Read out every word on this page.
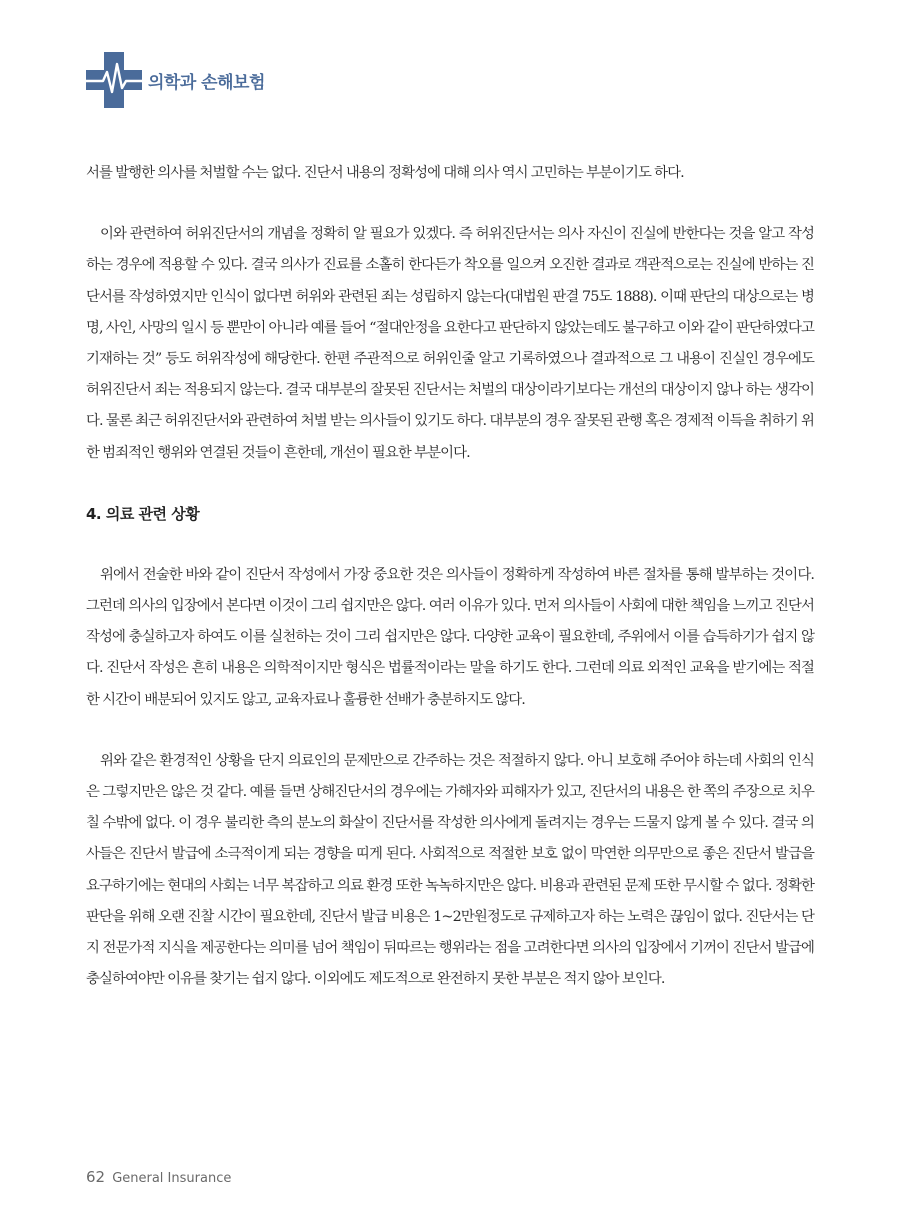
의학과 손해보험

서를 발행한 의사를 처벌할 수는 없다. 진단서 내용의 정확성에 대해 의사 역시 고민하는 부분이기도 하다.

이와 관련하여 허위진단서의 개념을 정확히 알 필요가 있겠다. 즉 허위진단서는 의사 자신이 진실에 반한다는 것을 알고 작성하는 경우에 적용할 수 있다. 결국 의사가 진료를 소홀히 한다든가 착오를 일으켜 오진한 결과로 객관적으로는 진실에 반하는 진단서를 작성하였지만 인식이 없다면 허위와 관련된 죄는 성립하지 않는다(대법원 판결 75도 1888). 이때 판단의 대상으로는 병명, 사인, 사망의 일시 등 뿐만이 아니라 예를 들어 “절대안정을 요한다고 판단하지 않았는데도 불구하고 이와 같이 판단하였다고 기재하는 것” 등도 허위작성에 해당한다. 한편 주관적으로 허위인줄 알고 기록하였으나 결과적으로 그 내용이 진실인 경우에도 허위진단서 죄는 적용되지 않는다. 결국 대부분의 잘못된 진단서는 처벌의 대상이라기보다는 개선의 대상이지 않나 하는 생각이다. 물론 최근 허위진단서와 관련하여 처벌 받는 의사들이 있기도 하다. 대부분의 경우 잘못된 관행 혹은 경제적 이득을 취하기 위한 범죄적인 행위와 연결된 것들이 흔한데, 개선이 필요한 부분이다.

4. 의료 관련 상황

위에서 전술한 바와 같이 진단서 작성에서 가장 중요한 것은 의사들이 정확하게 작성하여 바른 절차를 통해 발부하는 것이다. 그런데 의사의 입장에서 본다면 이것이 그리 쉽지만은 않다. 여러 이유가 있다. 먼저 의사들이 사회에 대한 책임을 느끼고 진단서 작성에 충실하고자 하여도 이를 실천하는 것이 그리 쉽지만은 않다. 다양한 교육이 필요한데, 주위에서 이를 습득하기가 쉽지 않다. 진단서 작성은 흔히 내용은 의학적이지만 형식은 법률적이라는 말을 하기도 한다. 그런데 의료 외적인 교육을 받기에는 적절한 시간이 배분되어 있지도 않고, 교육자료나 훌륭한 선배가 충분하지도 않다.

위와 같은 환경적인 상황을 단지 의료인의 문제만으로 간주하는 것은 적절하지 않다. 아니 보호해 주어야 하는데 사회의 인식은 그렇지만은 않은 것 같다. 예를 들면 상해진단서의 경우에는 가해자와 피해자가 있고, 진단서의 내용은 한 쪽의 주장으로 치우칠 수밖에 없다. 이 경우 불리한 측의 분노의 화살이 진단서를 작성한 의사에게 돌려지는 경우는 드물지 않게 볼 수 있다. 결국 의사들은 진단서 발급에 소극적이게 되는 경향을 띠게 된다. 사회적으로 적절한 보호 없이 막연한 의무만으로 좋은 진단서 발급을 요구하기에는 현대의 사회는 너무 복잡하고 의료 환경 또한 녹녹하지만은 않다. 비용과 관련된 문제 또한 무시할 수 없다. 정확한 판단을 위해 오랜 진찰 시간이 필요한데, 진단서 발급 비용은 1~2만원정도로 규제하고자 하는 노력은 끊임이 없다. 진단서는 단지 전문가적 지식을 제공한다는 의미를 넘어 책임이 뒤따르는 행위라는 점을 고려한다면 의사의 입장에서 기꺼이 진단서 발급에 충실하여야만 이유를 찾기는 쉽지 않다. 이외에도 제도적으로 완전하지 못한 부분은 적지 않아 보인다.

62 General Insurance
